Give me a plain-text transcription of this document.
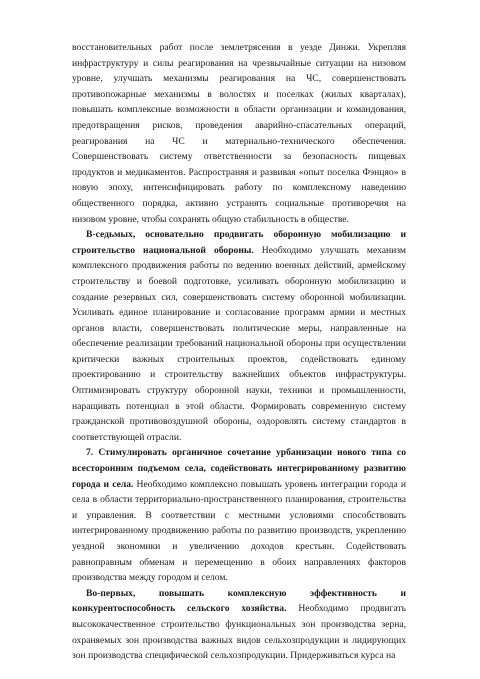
восстановительных работ после землетрясения в уезде Динжи. Укрепляя
инфраструктуру и силы реагирования на чрезвычайные ситуации на низовом
уровне, улучшать механизмы реагирования на ЧС, совершенствовать
противопожарные механизмы в волостях и поселках (жилых кварталах),
повышать комплексные возможности в области организации и командования,
предотвращения рисков, проведения аварийно-спасательных операций,
реагирования на ЧС и материально-технического обеспечения.
Совершенствовать систему ответственности за безопасность пищевых
продуктов и медикаментов. Распространяя и развивая «опыт поселка Фэнцяо» в
новую эпоху, интенсифицировать работу по комплексному наведению
общественного порядка, активно устранять социальные противоречия на
низовом уровне, чтобы сохранять общую стабильность в обществе.
В-седьмых, основательно продвигать оборонную мобилизацию и
строительство национальной обороны. Необходимо улучшать механизм
комплексного продвижения работы по ведению военных действий, армейскому
строительству и боевой подготовке, усиливать оборонную мобилизацию и
создание резервных сил, совершенствовать систему оборонной мобилизации.
Усиливать единое планирование и согласование программ армии и местных
органов власти, совершенствовать политические меры, направленные на
обеспечение реализации требований национальной обороны при осуществлении
критически важных строительных проектов, содействовать единому
проектированию и строительству важнейших объектов инфраструктуры.
Оптимизировать структуру оборонной науки, техники и промышленности,
наращивать потенциал в этой области. Формировать современную систему
гражданской противовоздушной обороны, оздоровлять систему стандартов в
соответствующей отрасли.
7. Стимулировать органичное сочетание урбанизации нового типа со
всесторонним подъемом села, содействовать интегрированному развитию
города и села. Необходимо комплексно повышать уровень интеграции города и
села в области территориально-пространственного планирования, строительства
и управления. В соответствии с местными условиями способствовать
интегрированному продвижению работы по развитию производств, укреплению
уездной экономики и увеличению доходов крестьян. Содействовать
равноправным обменам и перемещению в обоих направлениях факторов
производства между городом и селом.
Во-первых, повышать комплексную эффективность и
конкурентоспособность сельского хозяйства. Необходимо продвигать
высококачественное строительство функциональных зон производства зерна,
охраняемых зон производства важных видов сельхозпродукции и лидирующих
зон производства специфической сельхозпродукции. Придерживаться курса на
